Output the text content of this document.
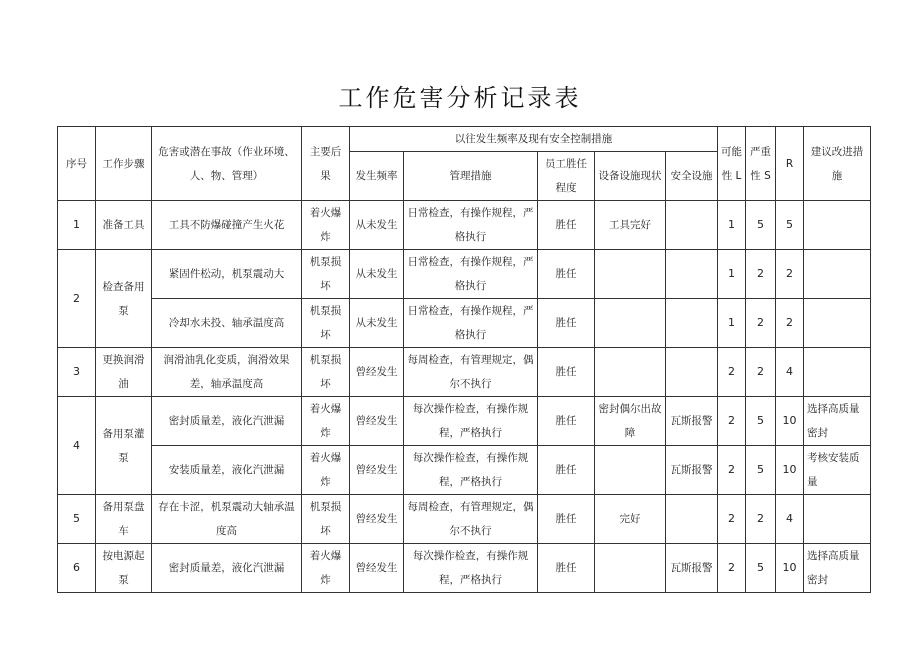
工作危害分析记录表
序号	工作步骤	危害或潜在事故（作业环境、人、物、管理）	主要后果	以往发生频率及现有安全控制措施					可能性 L	严重性 S	R	建议改进措施
				发生频率	管理措施	员工胜任程度	设备设施现状	安全设施				
1	准备工具	工具不防爆碰撞产生火花	着火爆炸	从未发生	日常检查，有操作规程，严格执行	胜任	工具完好		1	5	5	
2	检查备用泵	紧固件松动，机泵震动大	机泵损坏	从未发生	日常检查，有操作规程，严格执行	胜任			1	2	2	
		冷却水未投、轴承温度高	机泵损坏	从未发生	日常检查，有操作规程，严格执行	胜任			1	2	2	
3	更换润滑油	润滑油乳化变质，润滑效果差，轴承温度高	机泵损坏	曾经发生	每周检查，有管理规定，偶尔不执行	胜任			2	2	4	
4	备用泵灌泵	密封质量差，液化汽泄漏	着火爆炸	曾经发生	每次操作检查，有操作规程，严格执行	胜任	密封偶尔出故障	瓦斯报警	2	5	10	选择高质量密封
		安装质量差，液化汽泄漏	着火爆炸	曾经发生	每次操作检查，有操作规程，严格执行	胜任		瓦斯报警	2	5	10	考核安装质量
5	备用泵盘车	存在卡涩，机泵震动大轴承温度高	机泵损坏	曾经发生	每周检查，有管理规定，偶尔不执行	胜任	完好		2	2	4	
6	按电源起泵	密封质量差，液化汽泄漏	着火爆炸	曾经发生	每次操作检查，有操作规程，严格执行	胜任		瓦斯报警	2	5	10	选择高质量密封
